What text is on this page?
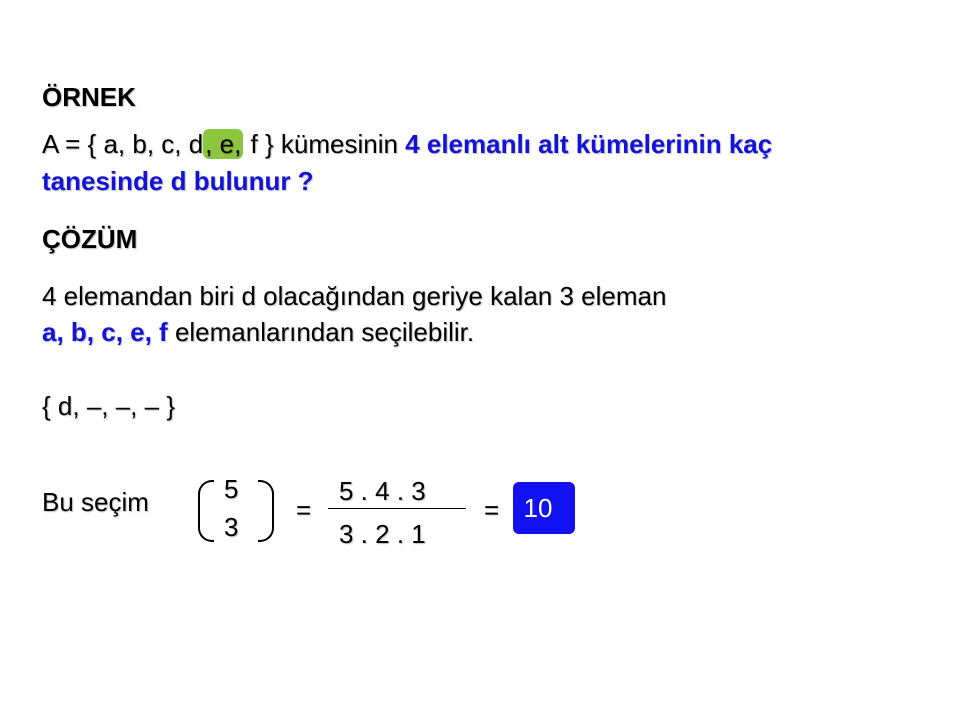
ÖRNEK
A = { a, b, c, d, e, f } kümesinin 4 elemanlı alt kümelerinin kaç
tanesinde d bulunur ?
ÇÖZÜM
4 elemandan biri d olacağından geriye kalan 3 eleman
a, b, c, e, f elemanlarından seçilebilir.
{ d, –, –, – }
Bu seçim	5
3
=
5 . 4 . 3
3 . 2 . 1
= 10
